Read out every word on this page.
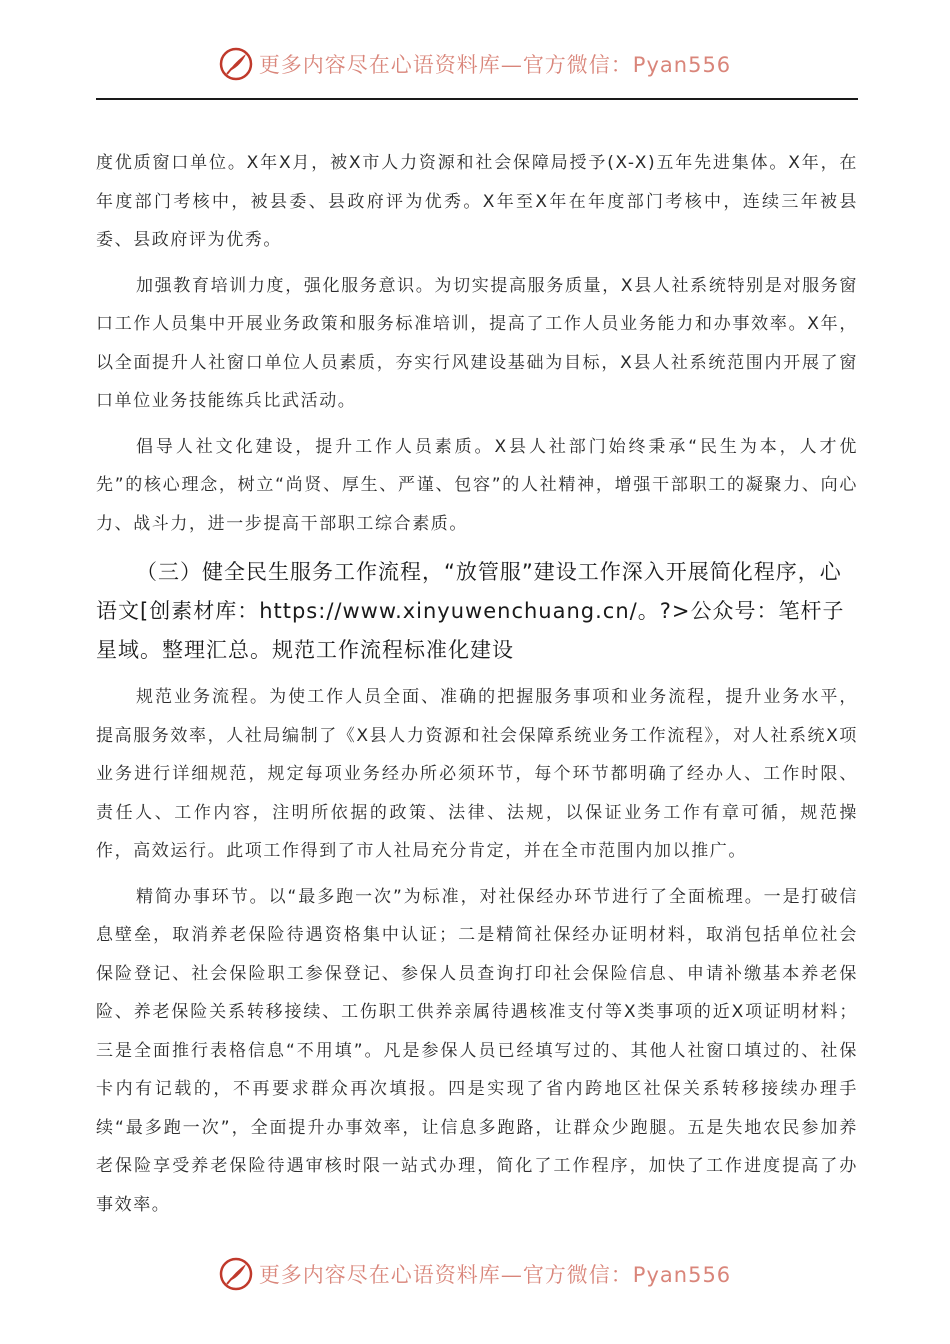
更多内容尽在心语资料库—官方微信：Pyan556

度优质窗口单位。X年X月，被X市人力资源和社会保障局授予(X-X)五年先进集体。X年，在年度部门考核中，被县委、县政府评为优秀。X年至X年在年度部门考核中，连续三年被县委、县政府评为优秀。

加强教育培训力度，强化服务意识。为切实提高服务质量，X县人社系统特别是对服务窗口工作人员集中开展业务政策和服务标准培训，提高了工作人员业务能力和办事效率。X年，以全面提升人社窗口单位人员素质，夯实行风建设基础为目标，X县人社系统范围内开展了窗口单位业务技能练兵比武活动。

倡导人社文化建设，提升工作人员素质。X县人社部门始终秉承“民生为本，人才优先”的核心理念，树立“尚贤、厚生、严谨、包容”的人社精神，增强干部职工的凝聚力、向心力、战斗力，进一步提高干部职工综合素质。

（三）健全民生服务工作流程，“放管服”建设工作深入开展简化程序，心语文[创素材库：https://www.xinyuwenchuang.cn/。?>公众号：笔杆子星域。整理汇总。规范工作流程标准化建设

规范业务流程。为使工作人员全面、准确的把握服务事项和业务流程，提升业务水平，提高服务效率，人社局编制了《X县人力资源和社会保障系统业务工作流程》，对人社系统X项业务进行详细规范，规定每项业务经办所必须环节，每个环节都明确了经办人、工作时限、责任人、工作内容，注明所依据的政策、法律、法规，以保证业务工作有章可循，规范操作，高效运行。此项工作得到了市人社局充分肯定，并在全市范围内加以推广。

精简办事环节。以“最多跑一次”为标准，对社保经办环节进行了全面梳理。一是打破信息壁垒，取消养老保险待遇资格集中认证；二是精简社保经办证明材料，取消包括单位社会保险登记、社会保险职工参保登记、参保人员查询打印社会保险信息、申请补缴基本养老保险、养老保险关系转移接续、工伤职工供养亲属待遇核准支付等X类事项的近X项证明材料；三是全面推行表格信息“不用填”。凡是参保人员已经填写过的、其他人社窗口填过的、社保卡内有记载的，不再要求群众再次填报。四是实现了省内跨地区社保关系转移接续办理手续“最多跑一次”，全面提升办事效率，让信息多跑路，让群众少跑腿。五是失地农民参加养老保险享受养老保险待遇审核时限一站式办理，简化了工作程序，加快了工作进度提高了办事效率。

更多内容尽在心语资料库—官方微信：Pyan556
